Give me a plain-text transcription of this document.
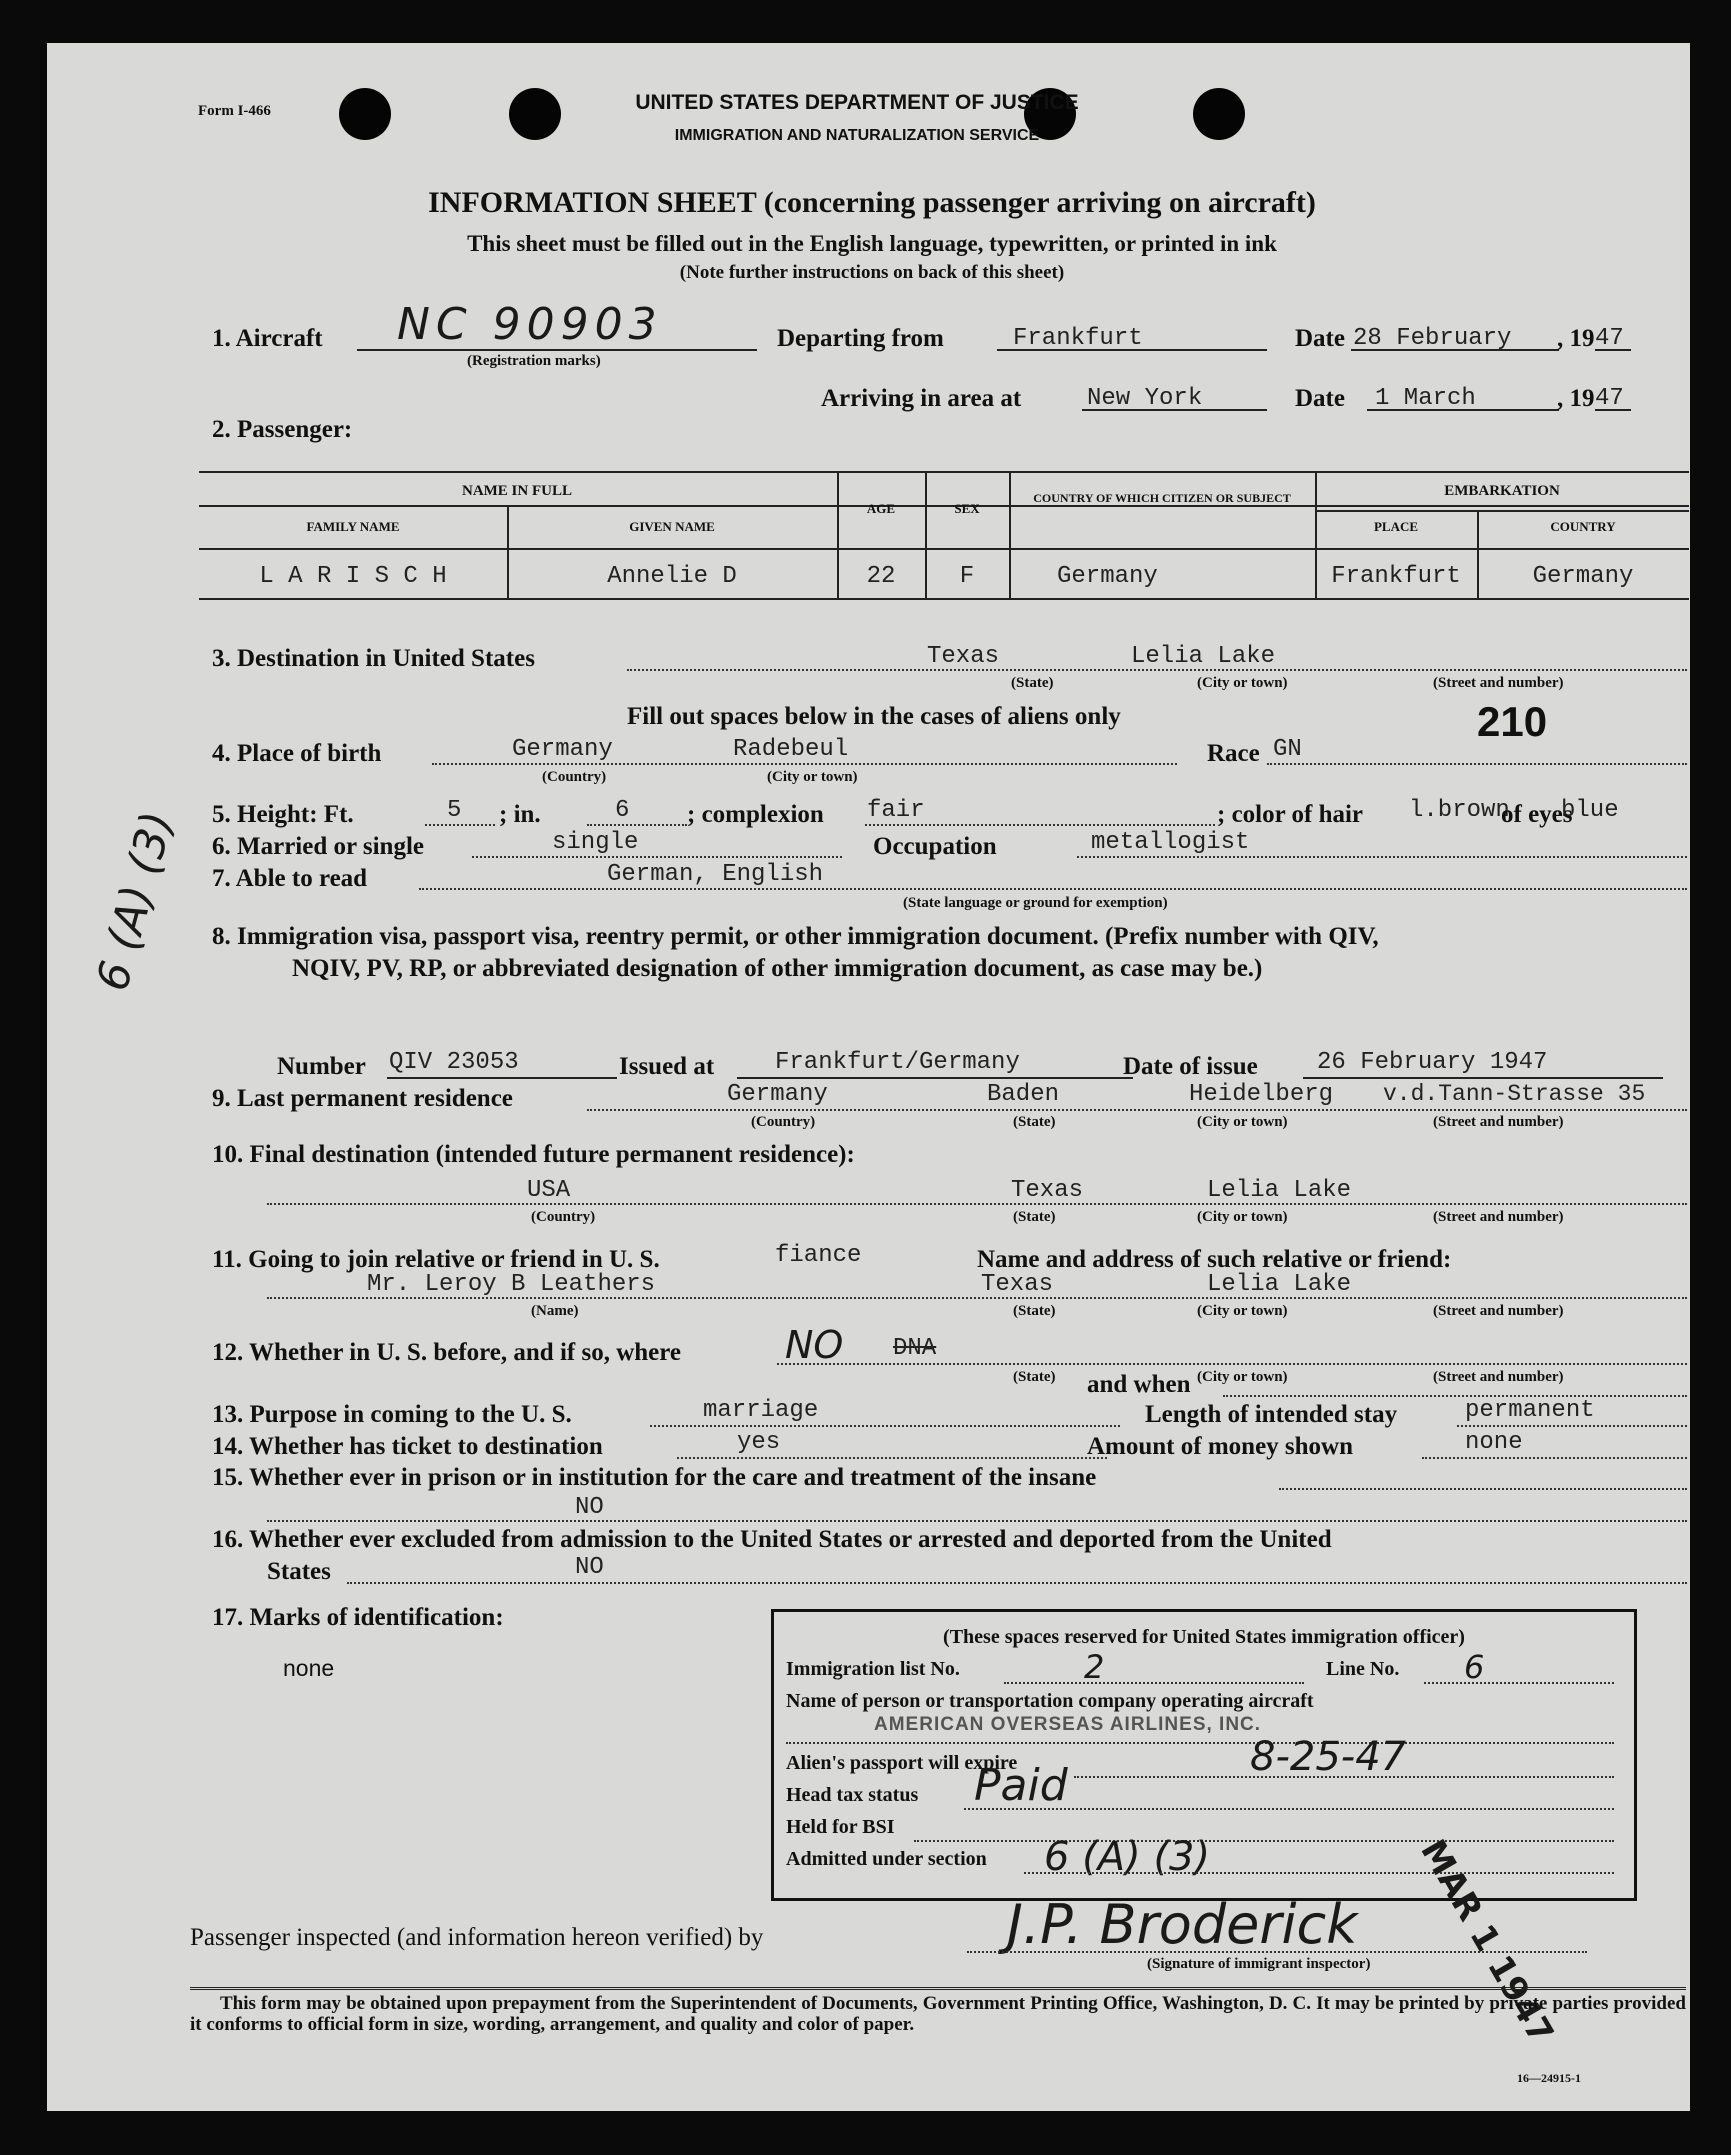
Form I-466	UNITED STATES DEPARTMENT OF JUSTICE
IMMIGRATION AND NATURALIZATION SERVICE
INFORMATION SHEET (concerning passenger arriving on aircraft)
This sheet must be filled out in the English language, typewritten, or printed in ink
(Note further instructions on back of this sheet)
1. Aircraft NC 90903
(Registration marks)
Departing from	Frankfurt	Date 28 February , 19 47
Arriving in area at	New York	Date 1 March	, 19 47
2. Passenger:
NAME IN FULL
FAMILY NAME	GIVEN NAME
AGE	SEX
COUNTRY OF WHICH CITIZEN OR SUBJECT	EMBARKATION
PLACE	COUNTRY
L A R I S C H	Annelie D	22	F	Germany	Frankfurt	Germany
3. Destination in United States	Texas	Lelia Lake
(State)	(City or town)	(Street and number)
Fill out spaces below in the cases of aliens only	210
4. Place of birth	Germany	Radebeul
(Country)	(City or town)
Race GN
5. Height: Ft.	5 ; in.	6 ; complexion fair	; color of hair l.brown
of eyes
blue
6. Married or single	single	Occupation	metallogist
7. Able to read	German, English
(State language or ground for exemption)
8. Immigration visa, passport visa, reentry permit, or other immigration document. (Prefix number with QIV,
NQIV, PV, RP, or abbreviated designation of other immigration document, as case may be.)
Number QIV 23053	Issued at	Frankfurt/Germany	Date of issue 26 February 1947
9. Last permanent residence	Germany	Baden	Heidelberg v.d.Tann-Strasse 35
(Country)	(State)	(City or town)	(Street and number)
10. Final destination (intended future permanent residence):
USA	Texas	Lelia Lake
(Country)	(State)	(City or town)	(Street and number)
11. Going to join relative or friend in U. S.	fiance	Name and address of such relative or friend:
Mr. Leroy B Leathers	Texas	Lelia Lake
(Name)	(State)	(City or town)	(Street and number)
12. Whether in U. S. before, and if so, where	NO DNA
(State)	(City or town)	(Street and number)
and when
13. Purpose in coming to the U. S.	marriage	Length of intended stay	permanent
14. Whether has ticket to destination	yes	Amount of money shown	none
15. Whether ever in prison or in institution for the care and treatment of the insane
NO
16. Whether ever excluded from admission to the United States or arrested and deported from the United
States	NO
17. Marks of identification:
none
(These spaces reserved for United States immigration officer)
Immigration list No.	2	Line No. 6
Name of person or transportation company operating aircraft
AMERICAN OVERSEAS AIRLINES, INC.
Alien's passport will expire	8-25-47
Head tax status Paid
Held for BSI
Admitted under section 6 (A) (3)
6 (A) (3)
Passenger inspected (and information hereon verified) by	J.P. Broderick
(Signature of immigrant inspector) MAR 1 1947
This form may be obtained upon prepayment from the Superintendent of Documents, Government Printing Office, Washington, D. C. It may be printed by private parties provided it conforms to official form in size, wording, arrangement, and quality and color of paper.
16—24915-1
